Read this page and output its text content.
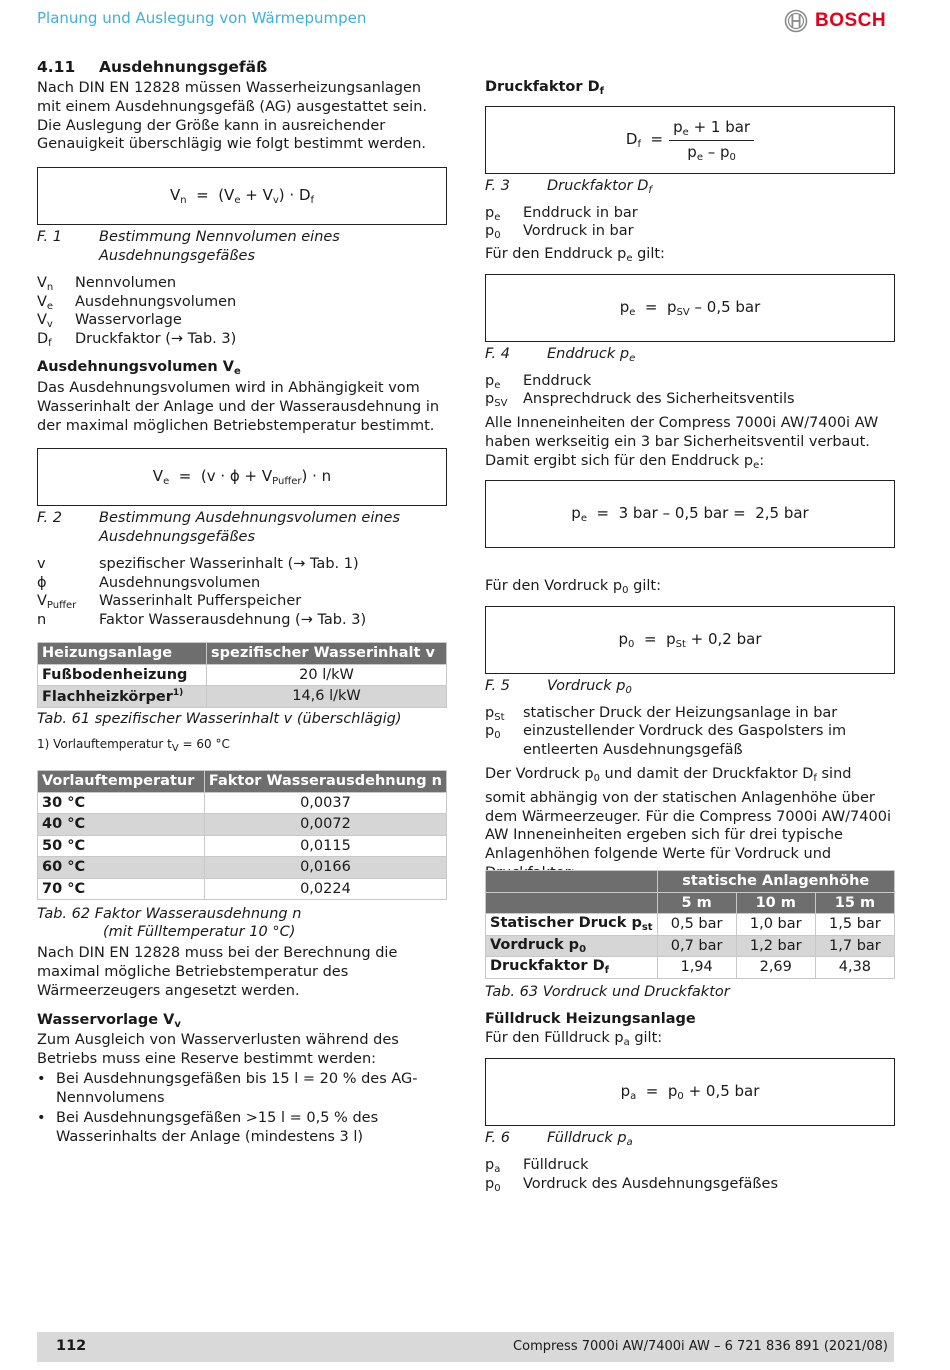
Planung und Auslegung von Wärmepumpen	BOSCH
4.11 Ausdehnungsgefäß
Nach DIN EN 12828 müssen Wasserheizungsanlagen mit einem Ausdehnungsgefäß (AG) ausgestattet sein. Die Auslegung der Größe kann in ausreichender Genauigkeit überschlägig wie folgt bestimmt werden.
$V_n = (V_e + V_v) \cdot D_f$
F. 1	Bestimmung Nennvolumen eines Ausdehnungsgefäßes
$V_n$ Nennvolumen
$V_e$ Ausdehnungsvolumen
$V_v$ Wasservorlage
$D_f$ Druckfaktor (→ Tab. 3)
Ausdehnungsvolumen $V_e$
Das Ausdehnungsvolumen wird in Abhängigkeit vom Wasserinhalt der Anlage und der Wasserausdehnung in der maximal möglichen Betriebstemperatur bestimmt.
$V_e = (v \cdot \phi + V_{Puffer}) \cdot n$
F. 2	Bestimmung Ausdehnungsvolumen eines Ausdehnungsgefäßes
v	spezifischer Wasserinhalt (→ Tab. 1)
ϕ	Ausdehnungsvolumen
$V_{Puffer}$ Wasserinhalt Pufferspeicher
n	Faktor Wasserausdehnung (→ Tab. 3)
Heizungsanlage	spezifischer Wasserinhalt v
Fußbodenheizung	20 l/kW
Flachheizkörper$^{1)}$	14,6 l/kW
Tab. 61 spezifischer Wasserinhalt v (überschlägig)
1) Vorlauftemperatur $t_V = 60$ °C
Vorlauftemperatur	Faktor Wasserausdehnung n
30 °C	0,0037
40 °C	0,0072
50 °C	0,0115
60 °C	0,0166
70 °C	0,0224
Tab. 62 Faktor Wasserausdehnung n
(mit Fülltemperatur 10 °C)
Nach DIN EN 12828 muss bei der Berechnung die maximal mögliche Betriebstemperatur des Wärmeerzeugers angesetzt werden.
Wasservorlage $V_v$
Zum Ausgleich von Wasserverlusten während des Betriebs muss eine Reserve bestimmt werden:
• Bei Ausdehnungsgefäßen bis 15 l = 20 % des AG-Nennvolumens
• Bei Ausdehnungsgefäßen >15 l = 0,5 % des Wasserinhalts der Anlage (mindestens 3 l)
Druckfaktor $D_f$
$D_f = \frac{p_e + 1 bar}{p_e - p_0}$
F. 3	Druckfaktor $D_f$
$p_e$ Enddruck in bar
$p_0$ Vordruck in bar
Für den Enddruck $p_e$ gilt:
$p_e = p_{SV} - 0,5$ bar
F. 4	Enddruck $p_e$
$p_e$ Enddruck
$p_{SV}$ Ansprechdruck des Sicherheitsventils
Alle Inneneinheiten der Compress 7000i AW/7400i AW haben werkseitig ein 3 bar Sicherheitsventil verbaut. Damit ergibt sich für den Enddruck $p_e$:
$p_e = 3$ bar – 0,5 bar =  2,5 bar
Für den Vordruck $p_0$ gilt:
$p_0 = p_{St} + 0,2$ bar
F. 5	Vordruck $p_0$
$p_{St}$ statischer Druck der Heizungsanlage in bar
$p_0$ einzustellender Vordruck des Gaspolsters im entleerten Ausdehnungsgefäß
Der Vordruck $p_0$ und damit der Druckfaktor $D_f$ sind somit abhängig von der statischen Anlagenhöhe über dem Wärmeerzeuger. Für die Compress 7000i AW/7400i AW Inneneinheiten ergeben sich für drei typische Anlagenhöhen folgende Werte für Vordruck und
	statische Anlagenhöhe		
	5 m	10 m	15 m
Statischer Druck $p_{st}$	0,5 bar	1,0 bar	1,5 bar
Vordruck $p_0$	0,7 bar	1,2 bar	1,7 bar
Druckfaktor $D_f$	1,94	2,69	4,38
Tab. 63 Vordruck und Druckfaktor
Fülldruck Heizungsanlage
Für den Fülldruck $p_a$ gilt:
$p_a = p_0 + 0,5$ bar
F. 6	Fülldruck $p_a$
$p_a$ Fülldruck
$p_0$ Vordruck des Ausdehnungsgefäßes
112	Compress 7000i AW/7400i AW – 6 721 836 891 (2021/08)
